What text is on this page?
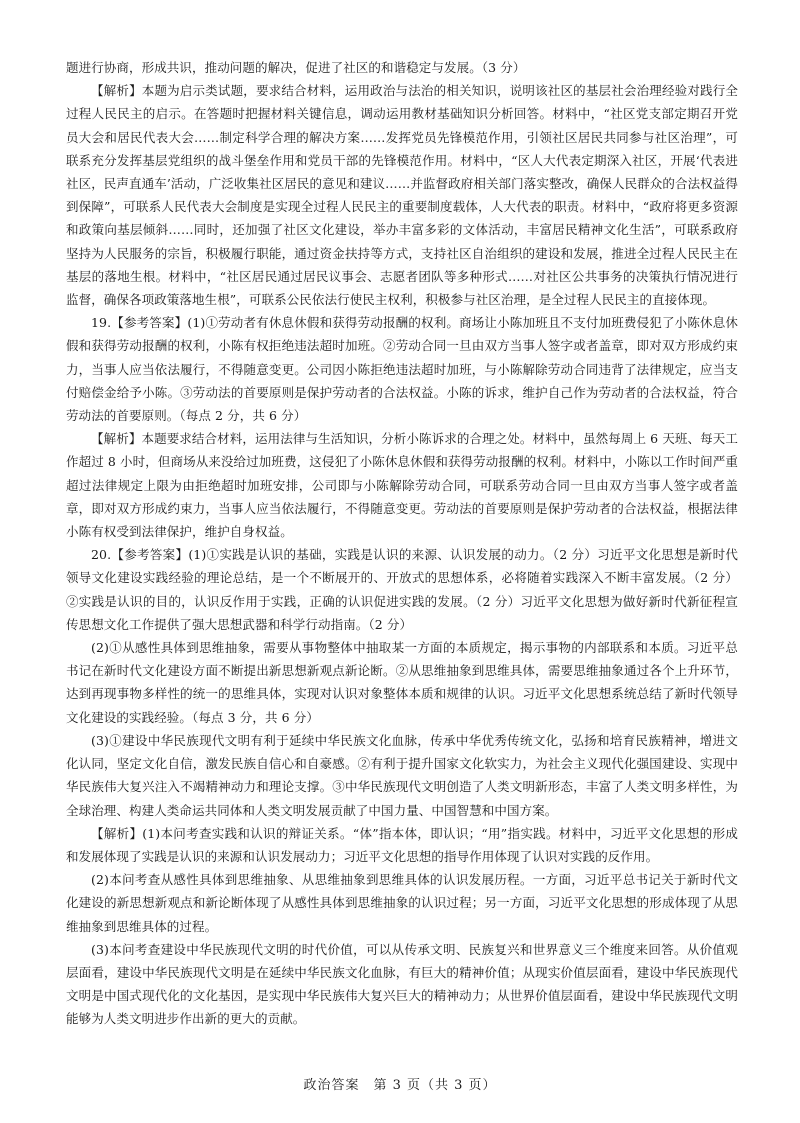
题进行协商，形成共识，推动问题的解决，促进了社区的和谐稳定与发展。（3 分）

【解析】本题为启示类试题，要求结合材料，运用政治与法治的相关知识，说明该社区的基层社会治理经验对践行全过程人民民主的启示。在答题时把握材料关键信息，调动运用教材基础知识分析回答。材料中，“社区党支部定期召开党员大会和居民代表大会……制定科学合理的解决方案……发挥党员先锋模范作用，引领社区居民共同参与社区治理”，可联系充分发挥基层党组织的战斗堡垒作用和党员干部的先锋模范作用。材料中，“区人大代表定期深入社区，开展‘代表进社区，民声直通车’活动，广泛收集社区居民的意见和建议……并监督政府相关部门落实整改，确保人民群众的合法权益得到保障”，可联系人民代表大会制度是实现全过程人民民主的重要制度载体，人大代表的职责。材料中，“政府将更多资源和政策向基层倾斜……同时，还加强了社区文化建设，举办丰富多彩的文体活动，丰富居民精神文化生活”，可联系政府坚持为人民服务的宗旨，积极履行职能，通过资金扶持等方式，支持社区自治组织的建设和发展，推进全过程人民民主在基层的落地生根。材料中，“社区居民通过居民议事会、志愿者团队等多种形式……对社区公共事务的决策执行情况进行监督，确保各项政策落地生根”，可联系公民依法行使民主权利，积极参与社区治理，是全过程人民民主的直接体现。

19.【参考答案】(1)①劳动者有休息休假和获得劳动报酬的权利。商场让小陈加班且不支付加班费侵犯了小陈休息休假和获得劳动报酬的权利，小陈有权拒绝违法超时加班。②劳动合同一旦由双方当事人签字或者盖章，即对双方形成约束力，当事人应当依法履行，不得随意变更。公司因小陈拒绝违法超时加班，与小陈解除劳动合同违背了法律规定，应当支付赔偿金给予小陈。③劳动法的首要原则是保护劳动者的合法权益。小陈的诉求，维护自己作为劳动者的合法权益，符合劳动法的首要原则。（每点 2 分，共 6 分）

【解析】本题要求结合材料，运用法律与生活知识，分析小陈诉求的合理之处。材料中，虽然每周上 6 天班、每天工作超过 8 小时，但商场从来没给过加班费，这侵犯了小陈休息休假和获得劳动报酬的权利。材料中，小陈以工作时间严重超过法律规定上限为由拒绝超时加班安排，公司即与小陈解除劳动合同，可联系劳动合同一旦由双方当事人签字或者盖章，即对双方形成约束力，当事人应当依法履行，不得随意变更。劳动法的首要原则是保护劳动者的合法权益，根据法律小陈有权受到法律保护，维护自身权益。

20.【参考答案】(1)①实践是认识的基础，实践是认识的来源、认识发展的动力。（2 分）习近平文化思想是新时代领导文化建设实践经验的理论总结，是一个不断展开的、开放式的思想体系，必将随着实践深入不断丰富发展。（2 分）②实践是认识的目的，认识反作用于实践，正确的认识促进实践的发展。（2 分）习近平文化思想为做好新时代新征程宣传思想文化工作提供了强大思想武器和科学行动指南。（2 分）

(2)①从感性具体到思维抽象，需要从事物整体中抽取某一方面的本质规定，揭示事物的内部联系和本质。习近平总书记在新时代文化建设方面不断提出新思想新观点新论断。②从思维抽象到思维具体，需要思维抽象通过各个上升环节，达到再现事物多样性的统一的思维具体，实现对认识对象整体本质和规律的认识。习近平文化思想系统总结了新时代领导文化建设的实践经验。（每点 3 分，共 6 分）

(3)①建设中华民族现代文明有利于延续中华民族文化血脉，传承中华优秀传统文化，弘扬和培育民族精神，增进文化认同，坚定文化自信，激发民族自信心和自豪感。②有利于提升国家文化软实力，为社会主义现代化强国建设、实现中华民族伟大复兴注入不竭精神动力和理论支撑。③中华民族现代文明创造了人类文明新形态，丰富了人类文明多样性，为全球治理、构建人类命运共同体和人类文明发展贡献了中国力量、中国智慧和中国方案。

【解析】(1)本问考查实践和认识的辩证关系。“体”指本体，即认识；“用”指实践。材料中，习近平文化思想的形成和发展体现了实践是认识的来源和认识发展动力；习近平文化思想的指导作用体现了认识对实践的反作用。

(2)本问考查从感性具体到思维抽象、从思维抽象到思维具体的认识发展历程。一方面，习近平总书记关于新时代文化建设的新思想新观点和新论断体现了从感性具体到思维抽象的认识过程；另一方面，习近平文化思想的形成体现了从思维抽象到思维具体的过程。

(3)本问考查建设中华民族现代文明的时代价值，可以从传承文明、民族复兴和世界意义三个维度来回答。从价值观层面看，建设中华民族现代文明是在延续中华民族文化血脉，有巨大的精神价值；从现实价值层面看，建设中华民族现代文明是中国式现代化的文化基因，是实现中华民族伟大复兴巨大的精神动力；从世界价值层面看，建设中华民族现代文明能够为人类文明进步作出新的更大的贡献。

政治答案　第 3 页（共 3 页）
